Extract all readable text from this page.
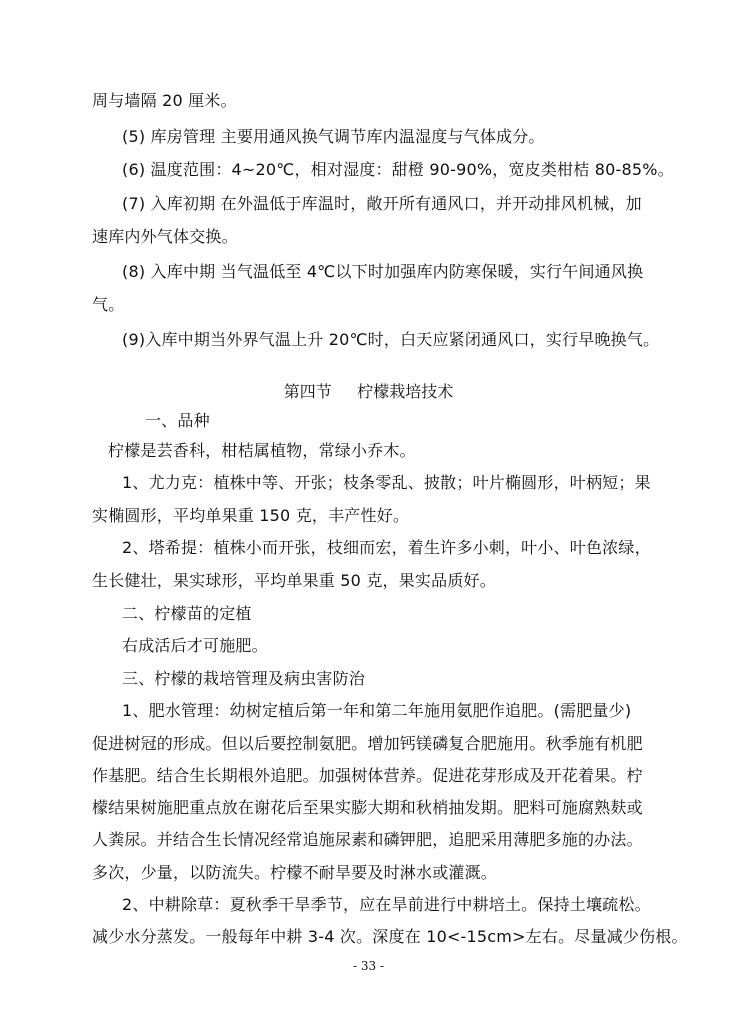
周与墙隔 20 厘米。
(5) 库房管理 主要用通风换气调节库内温湿度与气体成分。
(6) 温度范围：4~20℃，相对湿度：甜橙 90-90%，宽皮类柑桔 80-85%。
(7) 入库初期 在外温低于库温时，敞开所有通风口，并开动排风机械，加
速库内外气体交换。
(8) 入库中期 当气温低至 4℃以下时加强库内防寒保暖，实行午间通风换
气。
(9)入库中期当外界气温上升 20℃时，白天应紧闭通风口，实行早晚换气。
第四节     柠檬栽培技术
一、品种
柠檬是芸香科，柑桔属植物，常绿小乔木。
1、尤力克：植株中等、开张；枝条零乱、披散；叶片椭圆形，叶柄短；果
实椭圆形，平均单果重 150 克，丰产性好。
2、塔希提：植株小而开张，枝细而宏，着生许多小刺，叶小、叶色浓绿，
生长健壮，果实球形，平均单果重 50 克，果实品质好。
二、柠檬苗的定植
右成活后才可施肥。
三、柠檬的栽培管理及病虫害防治
1、肥水管理：幼树定植后第一年和第二年施用氨肥作追肥。(需肥量少)
促进树冠的形成。但以后要控制氨肥。增加钙镁磷复合肥施用。秋季施有机肥
作基肥。结合生长期根外追肥。加强树体营养。促进花芽形成及开花着果。柠
檬结果树施肥重点放在谢花后至果实膨大期和秋梢抽发期。肥料可施腐熟麸或
人粪尿。并结合生长情况经常追施尿素和磷钾肥，追肥采用薄肥多施的办法。
多次，少量，以防流失。柠檬不耐旱要及时淋水或灌溉。
2、中耕除草：夏秋季干旱季节，应在旱前进行中耕培土。保持土壤疏松。
减少水分蒸发。一般每年中耕 3-4 次。深度在 10<-15cm>左右。尽量减少伤根。
- 33 -
